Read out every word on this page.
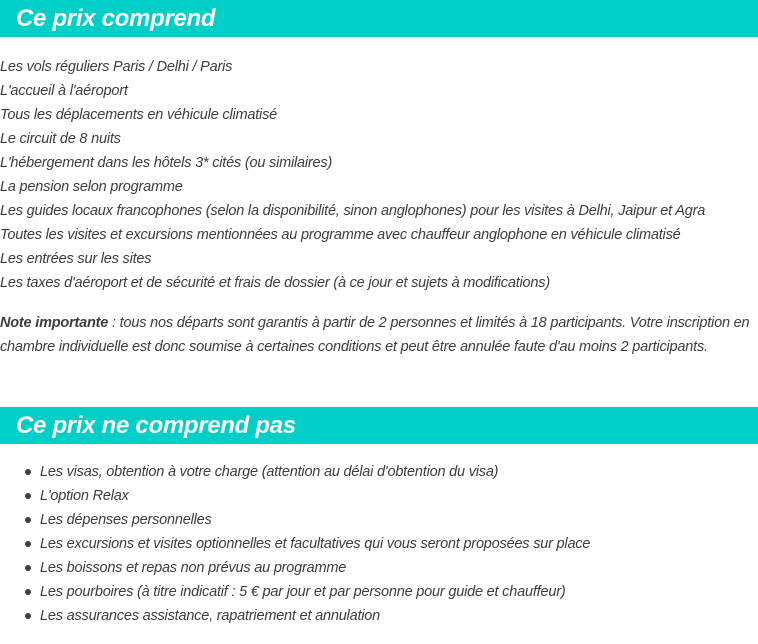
Ce prix comprend
Les vols réguliers Paris / Delhi / Paris
L'accueil à l'aéroport
Tous les déplacements en véhicule climatisé
Le circuit de 8 nuits
L'hébergement dans les hôtels 3* cités (ou similaires)
La pension selon programme
Les guides locaux francophones (selon la disponibilité, sinon anglophones) pour les visites à Delhi, Jaipur et Agra
Toutes les visites et excursions mentionnées au programme avec chauffeur anglophone en véhicule climatisé
Les entrées sur les sites
Les taxes d'aéroport et de sécurité et frais de dossier (à ce jour et sujets à modifications)

Note importante : tous nos départs sont garantis à partir de 2 personnes et limités à 18 participants. Votre inscription en chambre individuelle est donc soumise à certaines conditions et peut être annulée faute d'au moins 2 participants.

Ce prix ne comprend pas
Les visas, obtention à votre charge (attention au délai d'obtention du visa)
L'option Relax
Les dépenses personnelles
Les excursions et visites optionnelles et facultatives qui vous seront proposées sur place
Les boissons et repas non prévus au programme
Les pourboires (à titre indicatif : 5 € par jour et par personne pour guide et chauffeur)
Les assurances assistance, rapatriement et annulation
